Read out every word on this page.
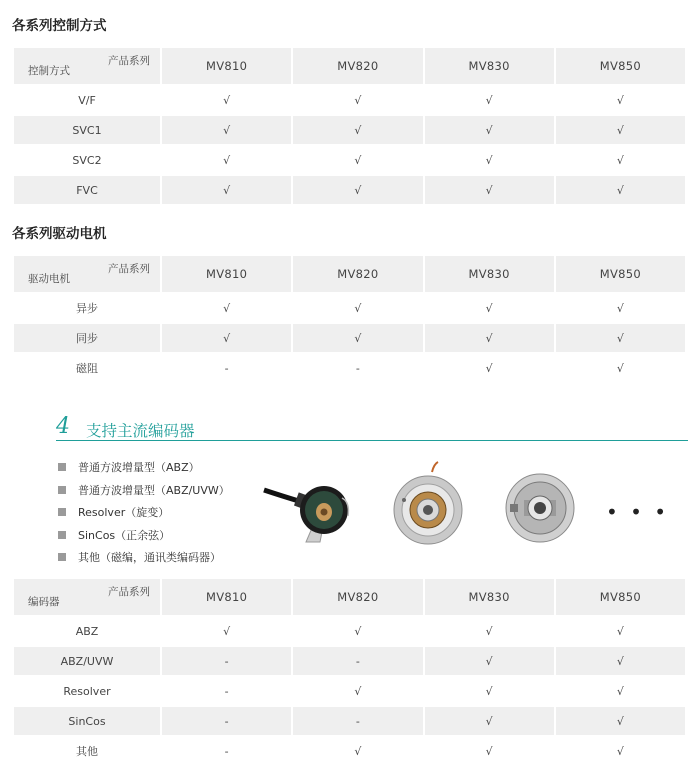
各系列控制方式
产品系列
控制方式	MV810	MV820	MV830	MV850
V/F	√	√	√	√
SVC1	√	√	√	√
SVC2	√	√	√	√
FVC	√	√	√	√
各系列驱动电机
产品系列
驱动电机	MV810	MV820	MV830	MV850
异步	√	√	√	√
同步	√	√	√	√
磁阻	-	-	√	√
4 支持主流编码器
普通方波增量型（ABZ）
普通方波增量型（ABZ/UVW）
Resolver（旋变）
SinCos（正余弦）
其他（磁编，通讯类编码器）
• • •
产品系列
编码器	MV810	MV820	MV830	MV850
ABZ	√	√	√	√
ABZ/UVW	-	-	√	√
Resolver	-	√	√	√
SinCos	-	-	√	√
其他	-	√	√	√
